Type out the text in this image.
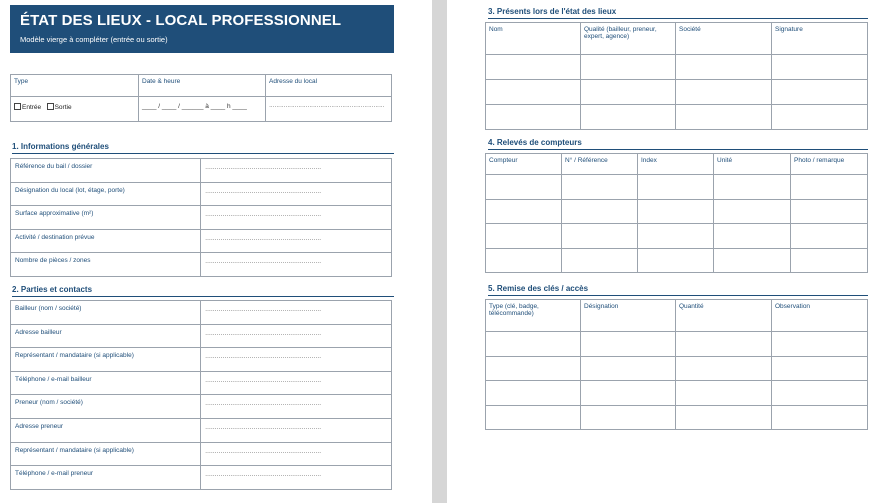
ÉTAT DES LIEUX - LOCAL PROFESSIONNEL
Modèle vierge à compléter (entrée ou sortie)
Type	Date & heure	Adresse du local
Entrée Sortie	____ / ____ / ______ à ____ h ____	………………………………………………………
1. Informations générales
Référence du bail / dossier	……………………………………………………
Désignation du local (lot, étage, porte)	……………………………………………………
Surface approximative (m²)	……………………………………………………
Activité / destination prévue	……………………………………………………
Nombre de pièces / zones	……………………………………………………
2. Parties et contacts
Bailleur (nom / société)	……………………………………………………
Adresse bailleur	……………………………………………………
Représentant / mandataire (si applicable)	……………………………………………………
Téléphone / e-mail bailleur	……………………………………………………
Preneur (nom / société)	……………………………………………………
Adresse preneur	……………………………………………………
Représentant / mandataire (si applicable)	……………………………………………………
Téléphone / e-mail preneur	……………………………………………………
3. Présents lors de l'état des lieux
Nom	Qualité (bailleur, preneur, expert, agence)	Société	Signature

4. Relevés de compteurs
Compteur	N° / Référence	Index	Unité	Photo / remarque

5. Remise des clés / accès
Type (clé, badge, télécommande)	Désignation	Quantité	Observation
